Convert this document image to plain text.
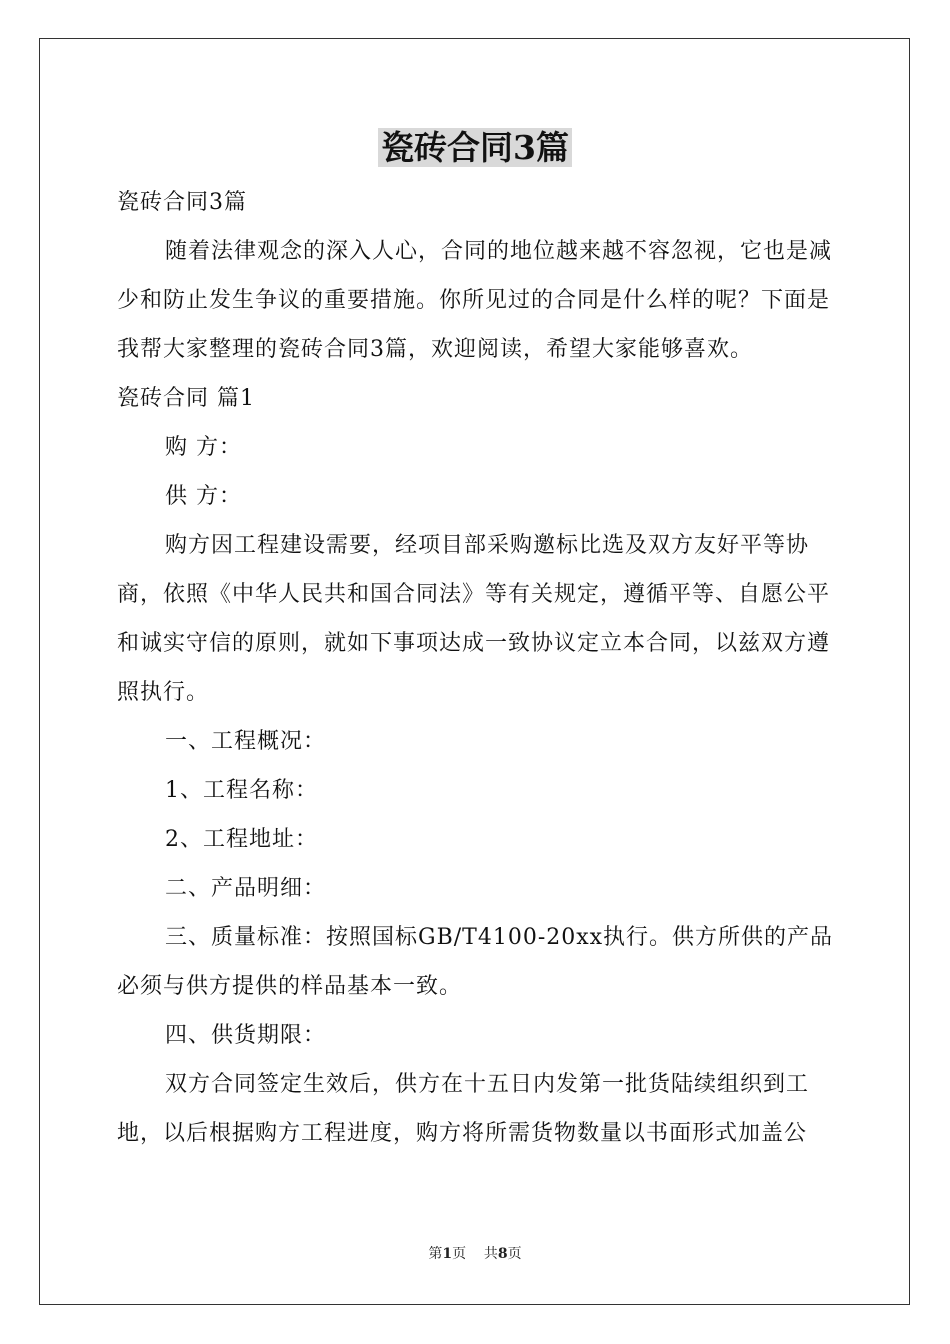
瓷砖合同3篇

瓷砖合同3篇

随着法律观念的深入人心，合同的地位越来越不容忽视，它也是减少和防止发生争议的重要措施。你所见过的合同是什么样的呢？下面是我帮大家整理的瓷砖合同3篇，欢迎阅读，希望大家能够喜欢。

瓷砖合同 篇1

购 方：

供 方：

购方因工程建设需要，经项目部采购邀标比选及双方友好平等协商，依照《中华人民共和国合同法》等有关规定，遵循平等、自愿公平和诚实守信的原则，就如下事项达成一致协议定立本合同，以兹双方遵照执行。

一、工程概况：

1、工程名称：

2、工程地址：

二、产品明细：

三、质量标准：按照国标GB/T4100-20xx执行。供方所供的产品必须与供方提供的样品基本一致。

四、供货期限：

双方合同签定生效后，供方在十五日内发第一批货陆续组织到工地，以后根据购方工程进度，购方将所需货物数量以书面形式加盖公

第1页 共8页
